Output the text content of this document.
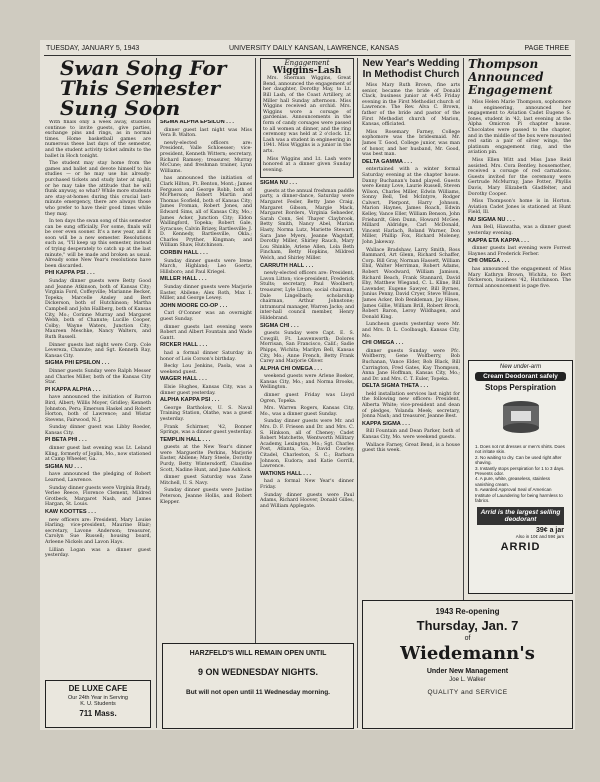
TUESDAY, JANUARY 5, 1943	UNIVERSITY DAILY KANSAN, LAWRENCE, KANSAS	PAGE THREE
Swan Song For This Semester Sung Soon

With finals only a week away, students continue to invite guests, give parties, exchange pins and rings, as in normal times. Home basketball games are numerous these last days of the semester, and the student activity ticket admits to the ballet in Hoch tonight.

The student may stay home from the games and ballet and devote himself to his studies — or he may use his already-purchased tickets and study later at night, or he may take the attitude that he will flunk anyway, so what? While more students are stay-at-homes during this crucial last-minute emergency, there are always those who prefer to have their good times while they may.

In ten days the swan song of this semester can be sung officially. For some, finals will be over even sooner. It's a new year, and it soon will be a new semester. Resolutions such as, "I'll keep up this semester, instead of trying desperately to catch up at the last minute," will be made and broken as usual. Already some New Year's resolutions have been discarded.

PHI KAPPA PSI . . .

Sunday dinner guests were Betty Good and Jeanne Atkinson, both of Kansas City; Virginia Ford, Coffeyville; Marianne Becker, Topeka; Marcelle Ansley and Bert Dickerson, both of Hutchinson; Martha Campbell and John Hallberg, both of Kansas City, Mo.; Corinne Murray and Margaret Webb, both of Chanute; Lucille Cooper, Colby; Wayne Waters, Junction City; Maureen Meschke, Nancy Walters, and Ruth Russell.

Dinner guests last night were Corp. Cole Levereza, Chanute; and Sgt. Kenneth Ray, Kansas City.

SIGMA PHI EPSILON . . .

Dinner guests Sunday were Ralph Messer and Charles Miller, both of the Kansas City Star.

PI KAPPA ALPHA . . .

have announced the initiation of Barron Bird, Albert; Willis Moyer, Gridley; Kenneth Johnston, Peru; Emerson Haskel and Robert Horton, both of Lawrence; and Wistar Stevens, Fairwood, N. J.

Sunday dinner guest was Libby Roeder, Kansas City.

PI BETA PHI . . .

dinner guest last evening was Lt. Leland Kling, formerly of Joplin, Mo., now stationed at Camp Wheeler, Ga.

SIGMA NU . . .

have announced the pledging of Robert Learned, Lawrence.

Sunday dinner guests were Virginia Brady, Verlee Reece, Florence Clement, Mildred Grotbeck, Margaret Nash, and James Hargan, St. Louis.

KAW KOOTTES . . .

new officers are: President, Mary Louise Harling; vice-president, Maurine Blair; secretary, Lavone Anderson; treasurer, Carolyn Sue Russell; housing board, Arleene Nickels and Lavon Hays.

Lillian Logan was a dinner guest yesterday.

DE LUXE CAFE
Our 24th Year in Serving
K. U. Students
711 Mass.

SIGMA ALPHA EPSILON . . .

dinner guest last night was Miss Vera B. Walton.

newly-elected officers are: President, Valle Schloesser; vice-president, Kenneth Wittern; secretary, Richard Ramsey; treasurer, Murray McCune; and freshman trainer, Lynn Williams.

has announced the initiation of Clark Hilton, Ft. Benton, Mont.; James Ferguson and George Robb, both of McPherson; Robert Martin and Thomas Scofield, both of Kansas City; James Froman, Robert Jones, and Edward Sims, all of Kansas City, Mo.; James Acker, Junction City; Eldon Wallingford, Topeka; Robert Gale, Syracuse; Calvin Brizey, Bartlesville; J. D. Kennedy, Bartlesville, Okla.; Charles Pryther, Kingman; and William Shaw, Hutchinson.

CORBIN HALL . . .

Sunday dinner guests were Irene March, Highland; Leo Goertz, Hillsboro; and Paul Kriegel.

MILLER HALL . . .

Sunday dinner guests were Marjorie Easter, Abilene; Alex Roth, Max I. Miller, and George Lewey.

JOHN MOORE CO-OP . . .

Carl O'Conner was an overnight guest Sunday.

dinner guests last evening were Robert and Albert Fountain and Wade Gantt.

RICKER HALL . . .

had a formal dinner Saturday in honor of Lois Corson's birthday.

Becky Lou Jenkins, Paola, was a weekend guest.

WAGER HALL . . .

Elsie Hughes, Kansas City, was a dinner guest yesterday.

ALPHA KAPPA PSI . . .

George Bartholow, U. S. Naval Training Station, Olathe, was a guest yesterday.

Frank Schirmer, '42, Bonner Springs, was a dinner guest yesterday.

TEMPLIN HALL . . .

guests at the New Year's dinner were Marguerite Perkins, Marjorie Easter, Abilene; Mary Steele, Dorothy Purdy, Betty Wintersdorff, Claudine Scott, Nadine Hunt, and June Ashlock.

dinner guest Saturday was Zane Mitchell, U. S. Navy.

Sunday dinner guests were Justine Peterson, Jeanne Hollis, and Robert Klepper.

HARZFELD'S WILL REMAIN OPEN UNTIL
9 ON WEDNESDAY NIGHTS.
But will not open until 11 Wednesday morning.
Engagement
Wiggins-Lash

Mrs. Sherman Wiggins, Great Bend, announced the engagement of her daughter, Dorothy May, to Lt. Bill Lash, of the Coast Artillery, at Miller hall Sunday afternoon. Miss Wiggins received an orchid. Mrs. Wiggins wore a corsage of gardenias. Announcements in the form of candy corsages were passed to all women at dinner, and the ring ceremony was held at 2 o'clock. Lt. Lash was a student in engineering in 1941. Miss Wiggins is a junior in the arts.

Miss Wiggins and Lt. Lash were honored at a dinner given Sunday evening.

SIGMA NU . . .

guests at the annual freshman paddle party, a dinner-dance, Saturday were Margaret Fesler, Betty Jane Craig, Margaret Gibson, Margie Mack, Margaret Borders, Virginia Sebaeder, Sarah Conn, Sel Thayer Claybrook, Betty Smith, Nancy Abel, Marian Hasty, Norma Lutz, Mariette Stewart, Sara Jane Myers, Jeanne Wagstaff, Dorothy Miller, Shirley Rauch, Mary Lou Shinkle, Arlene Allen, Lola Beth Fincham, Betty Hopkins, Mildred Welch, and Shirley Miller.

CARRUTH HALL . . .

newly-elected officers are: President, Lavon Litton; vice-president, Frederick Stults; secretary, Paul Woolbert; treasurer, Lyle Litton; social chairman, Dale Lingelbach; scholarship chairman, Arthur Johnstone; intramural manager, Warren Jacks; and inter-hall council member, Henry Hildebrand.

SIGMA CHI . . .

guests Sunday were Capt. E. S. Cowgill, Ft. Leavenworth; Dolores Morrisan, San Francisco, Calif.; Sadie Phipps, Wichita; Marilyn Bell, Kansas City, Mo.; Anne French, Betty Frank Carey and Marjorie Oliver.

ALPHA CHI OMEGA . . .

weekend guests were Arlene Boeker, Kansas City, Mo.; and Norma Brooks, Wellington.

dinner guest Friday was Lloyd Ogren, Topeka.

Mrs. Warren Rogers, Kansas City, Mo., was a dinner guest Sunday.

Sunday dinner guests were Mr. and Mrs. D. F. Friesen and Dr. and Mrs. C. S. Hinkson, all of Cheney; Cadet Robert Matchette, Wentworth Military Academy, Lexington, Mo.; Sgt. Charles Post, Atlanta, Ga.; David Cowley, Citadel, Charleston, S. C.; Barbara Johnson, Eudora; and Katie Gorrill, Lawrence.

WATKINS HALL . . .

had a formal New Year's dinner Friday.

Sunday dinner guests were Paul Adams, Richard Hoover, Donald Gilles, and William Applegate.

New Year's Wedding In Methodist Church

Miss Mary Ruth Brown, fine arts senior, became the bride of Donald Clack, business junior at 4:45 Friday evening in the First Methodist church of Lawrence. The Rev. Alva C. Brown, father of the bride and pastor of the First Methodist church of Marion, Kansas, officiated.

Miss Rosemary Farney, College sophomore was the bridesmaid. Mr. James T. Good, College junior, was man of honor, and her husband, Mr. Good, was best man.

DELTA GAMMA . . .

entertained with a winter formal Saturday evening at the chapter house. Danny Buchanan's band played. Guests were Kenny Love, Laurie Russell, Steven Wilson, Charles Miller, Edwin Williams, Sonny Bell, Ted McIntyre, Rodger Calvert, Pierpont, Harry Johnson, Marion Haynes, James Roach, Edwin Kelley, Vance Eller, William Benson, John Friehardt, Glen Dunn, Howard McGee, Millard Aldridge, Carl McDonald, Vincent Harlach, Roland Warner, Don Miller, Phillip Fox, Richard Moleney, John Jakeway.

Wallace Bradshaw, Larry Smith, Ross Bammard, Art Glenn, Richard Schaffer, Corp. Bill Gray, Norman Hassett, William Ebil, Walter Merriman, Robert Adams, Robert Woodward, William Jamison, Richard Beach, Frank Stannard, David Eby, Matthew Wiegand, C. L. Kline, Bill Lavender, Eugene Sawyer, Bill Byrnes, Junius Penny, David Cryer, Steve Wilson, James Acker, Bob Benkleman, Jay Hines, James Gillie, William Brill, Robert Brock, Robert Baron, Leroy Wildhagen, and Donald King.

Luncheon guests yesterday were Mr. and Mrs. D. L. Coolbaugh, Kansas City, Mo.

CHI OMEGA . . .

dinner guests Sunday were Pfc. Wolfberry, Gene Wolfberry, Bob Buchanan, Vance Elder, Bob Black, Bill Carrington, Fred Gates, Kay Thompson, Anna Jane Hoffman, Kansas City, Mo.; and Dr. and Mrs. C. T. Euler, Topeka.

DELTA SIGMA THETA . . .

held installation services last night for the following new officers: President, Alberta White; vice-president and dean of pledges, Yolanda Meek; secretary, Jonna Nash; and treasurer, Jeanne Best.

KAPPA SIGMA . . .

Bill Fountain and Dean Parker, both of Kansas City, Mo. were weekend guests.

Wallace Farney, Great Bend, is a house guest this week.

Thompson Announced Engagement

Miss Helen Marie Thompson, sophomore in engineering, announced her engagement to Aviation Cadet Eugene S. Jones, student in '42, last evening at the Alpha Omicron Pi chapter house. Chocolates were passed to the chapter, and in the middle of the box were mounted red satin a pair of silver wings, the platinum engagement ring, and the aviation pin.

Miss Ellen Witt and Miss Jane Reid assisted. Mrs. Cora Bentley, housemother, received a corsage of red carnations. Guests invited for the ceremony were Gertrude McMurray, Jane Potter, Phyllis Davis, Mary Elizabeth Gladfelter, and Dorothy Cooper.

Miss Thompson's home is in Horton. Aviation Cadet Jones is stationed at Hunt Field, Ill.

NU SIGMA NU . . .

Ann Bell, Hiawatha, was a dinner guest yesterday evening.

KAPPA ETA KAPPA . . .

dinner guests last evening were Forrest Haynes and Frederick Ferber.

CHI OMEGA . . .

has announced the engagement of Miss Mary Kathryn Brown, Wichita, to Bert Dickerson, business '42, Hutchinson. The formal announcement is page five.

New under-arm
Cream Deodorant safely
Stops Perspiration
1. Does not rot dresses or men's shirts. Does not irritate skin.
2. No waiting to dry. Can be used right after shaving.
3. Instantly stops perspiration for 1 to 3 days. Prevents odor.
4. A pure, white, greaseless, stainless vanishing cream.
5. Awarded Approval Seal of American Institute of Laundering for being harmless to fabrics.
Arrid is the largest selling deodorant
39¢ a jar
Also in 10¢ and 59¢ jars
ARRID
1943 Re-opening
Thursday, Jan. 7
of
Wiedemann's
Under New Management
Joe L. Walker
QUALITY and SERVICE
